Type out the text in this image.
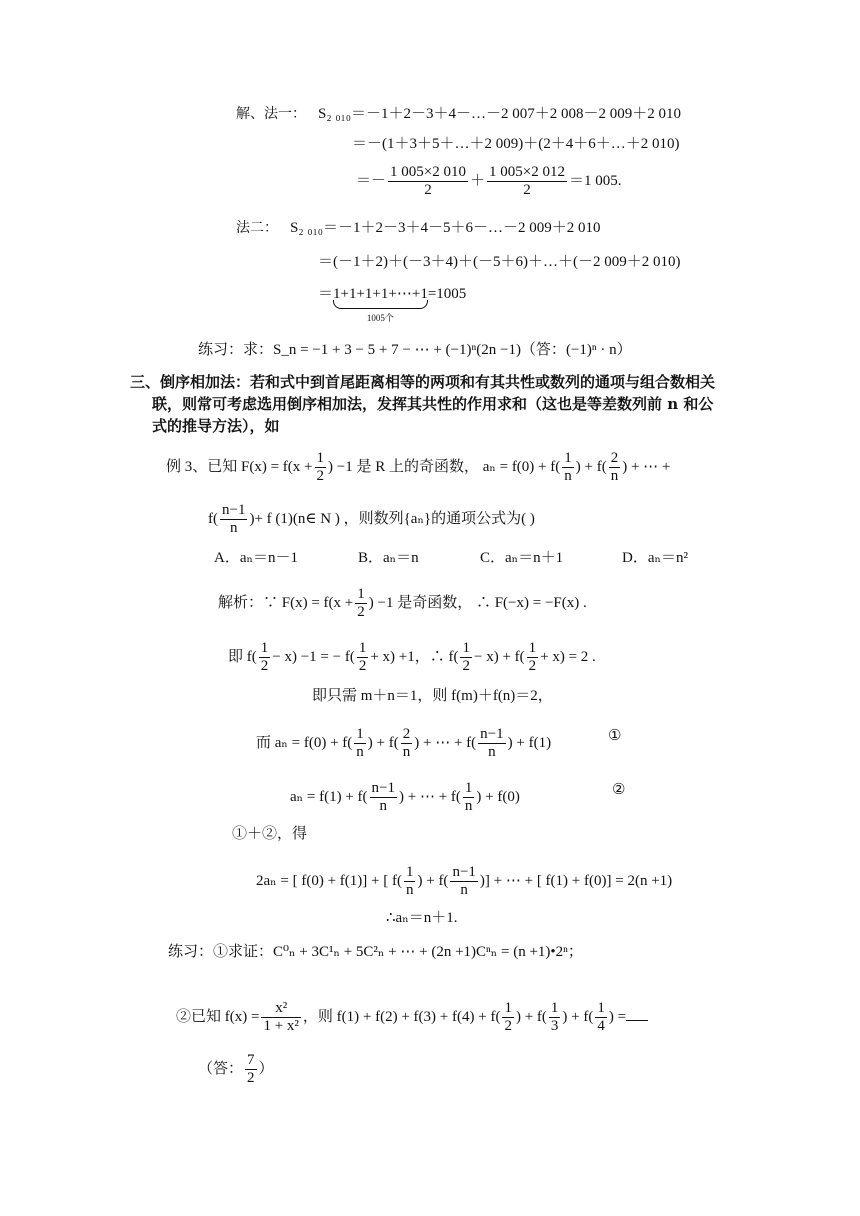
解、法一： S₂ ₀₁₀＝－1＋2－3＋4－…－2 007＋2 008－2 009＋2 010
＝－(1＋3＋5＋…＋2 009)＋(2＋4＋6＋…＋2 010)
＝－ $\frac{1 005\times 2 010}{2} + \frac{1 005\times 2 012}{2} =1$ 005.
法二： S₂ ₀₁₀＝－1＋2－3＋4－5＋6－…－2 009＋2 010
＝(－1＋2)＋(－3＋4)＋(－5＋6)＋…＋(－2 009＋2 010)
＝1+1+1+1+⋯+1
1005个
=1005
练习：求：S_n = −1 + 3 − 5 + 7 − ⋯ + (−1)ⁿ(2n −1)（答：(−1)ⁿ · n）
三、倒序相加法：若和式中到首尾距离相等的两项和有其共性或数列的通项与组合数相关
联，则常可考虑选用倒序相加法，发挥其共性的作用求和（这也是等差数列前 n 和公
式的推导方法），如
例 3、已知 $F(x) = f(x + \frac{1}{2}$ ) −1 是 R 上的奇函数， $a_n = f(0) + f( \frac{1}{n}$ ) + $f( \frac{2}{n}$ ) + ⋯ +
$f( \frac{n-1}{n}$ )+ f (1)(n∈ N ) ，则数列{aₙ}的通项公式为( )
A．aₙ＝n－1	B．aₙ＝n	C．aₙ＝n＋1	D．aₙ＝n²
解析：∵ $F(x) = f(x + \frac{1}{2}$ ) −1 是奇函数， ∴ F(−x) = −F(x) .
即 $f( \frac{1}{2} - x) -1$ = − $f( \frac{1}{2} + x) +1$，∴ $f( \frac{1}{2} - x) + f( \frac{1}{2} + x) = 2$ .
即只需 m＋n＝1，则 f(m)＋f(n)＝2，
而 $a_n = f(0) + f( \frac{1}{n}$ ) + $f( \frac{2}{n}$ ) + ⋯ + $f( \frac{n-1}{n}$ ) + f(1)	①
$a_n = f(1) + f( \frac{n-1}{n}$ ) + ⋯ + $f( \frac{1}{n}$ ) + f(0)	②
①＋②，得
2aₙ = [ f(0) + f(1)] + [ $f( \frac{1}{n}$ ) + $f( \frac{n-1}{n}$ )] + ⋯ + [ f(1) + f(0)] = 2(n +1)
∴aₙ＝n＋1.
练习：①求证：C⁰ₙ + 3C¹ₙ + 5C²ₙ + ⋯ + (2n +1)Cⁿₙ = (n +1)•2ⁿ；
②已知 $f(x) = \frac{\text{x²}}{\text{1 + x²}}$ ，则 $f(1) + f(2) + f(3) + f(4) + f( \frac{1}{2}$ ) + $f( \frac{1}{3}$ ) + $f( \frac{1}{4}$ ) =
（答： $\frac{7}{2}$ ）
